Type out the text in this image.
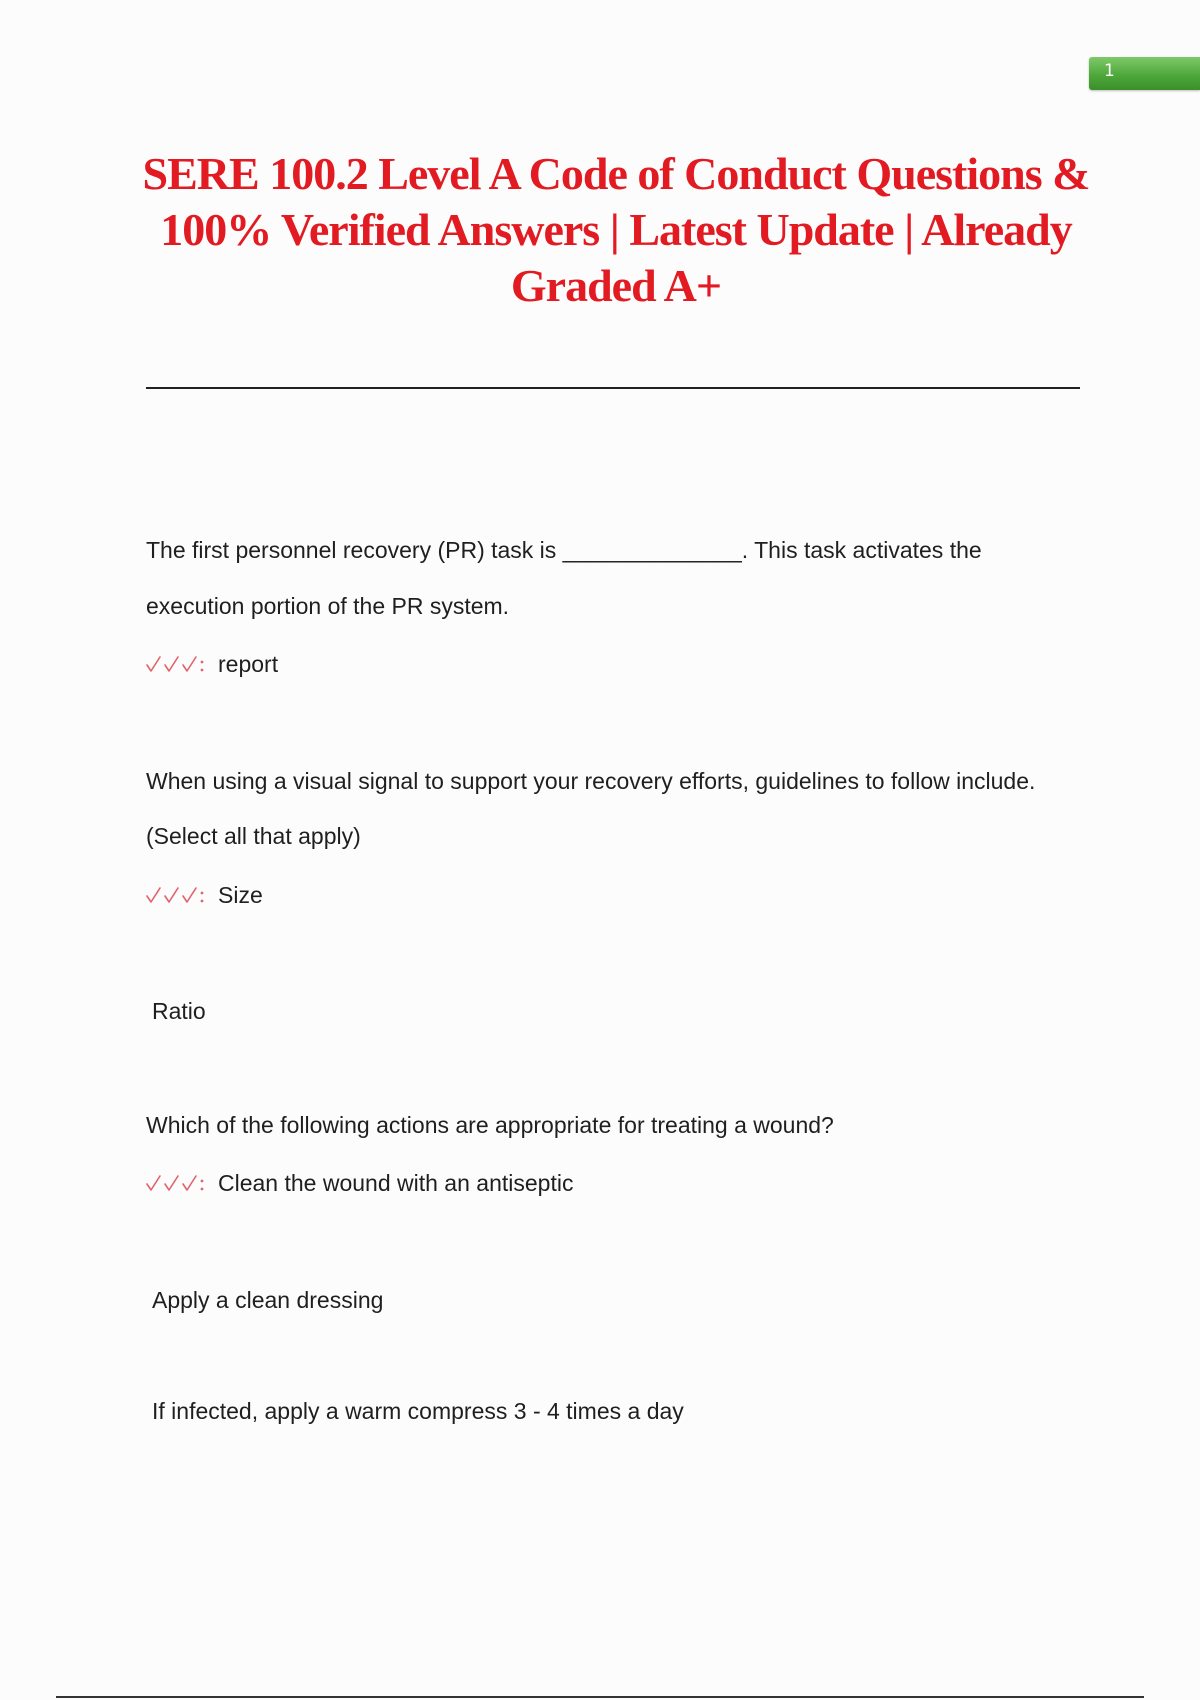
1
SERE 100.2 Level A Code of Conduct Questions & 100% Verified Answers | Latest Update | Already Graded A+

The first personnel recovery (PR) task is ______________. This task activates the

execution portion of the PR system.

report

When using a visual signal to support your recovery efforts, guidelines to follow include.

(Select all that apply)

Size

Ratio

Which of the following actions are appropriate for treating a wound?

Clean the wound with an antiseptic

Apply a clean dressing

If infected, apply a warm compress 3 - 4 times a day
